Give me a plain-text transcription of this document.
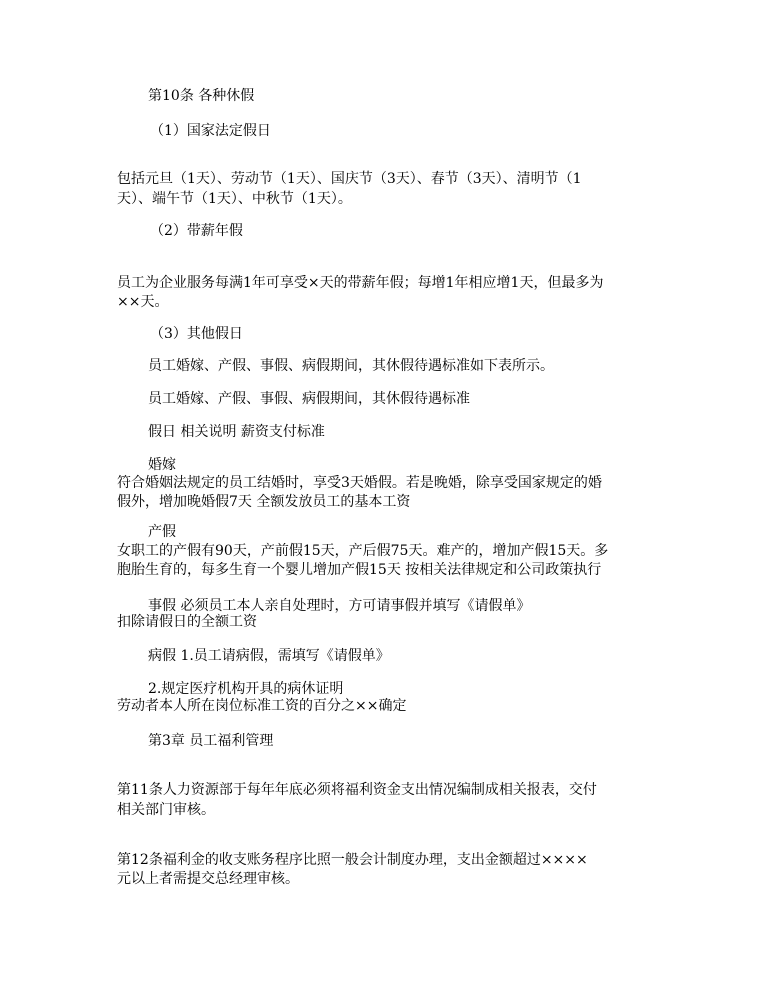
第10条 各种休假

（1）国家法定假日

包括元旦（1天）、劳动节（1天）、国庆节（3天）、春节（3天）、清明节（1

天）、端午节（1天）、中秋节（1天）。

（2）带薪年假

员工为企业服务每满1年可享受×天的带薪年假；每增1年相应增1天，但最多为

××天。

（3）其他假日

员工婚嫁、产假、事假、病假期间，其休假待遇标准如下表所示。

员工婚嫁、产假、事假、病假期间，其休假待遇标准

假日 相关说明 薪资支付标准

婚嫁

符合婚姻法规定的员工结婚时，享受3天婚假。若是晚婚，除享受国家规定的婚

假外，增加晚婚假7天 全额发放员工的基本工资

产假

女职工的产假有90天，产前假15天，产后假75天。难产的，增加产假15天。多

胞胎生育的，每多生育一个婴儿增加产假15天 按相关法律规定和公司政策执行

事假 必须员工本人亲自处理时，方可请事假并填写《请假单》

扣除请假日的全额工资

病假 1.员工请病假，需填写《请假单》

2.规定医疗机构开具的病休证明

劳动者本人所在岗位标准工资的百分之××确定

第3章 员工福利管理

第11条人力资源部于每年年底必须将福利资金支出情况编制成相关报表，交付

相关部门审核。

第12条福利金的收支账务程序比照一般会计制度办理，支出金额超过××××

元以上者需提交总经理审核。
